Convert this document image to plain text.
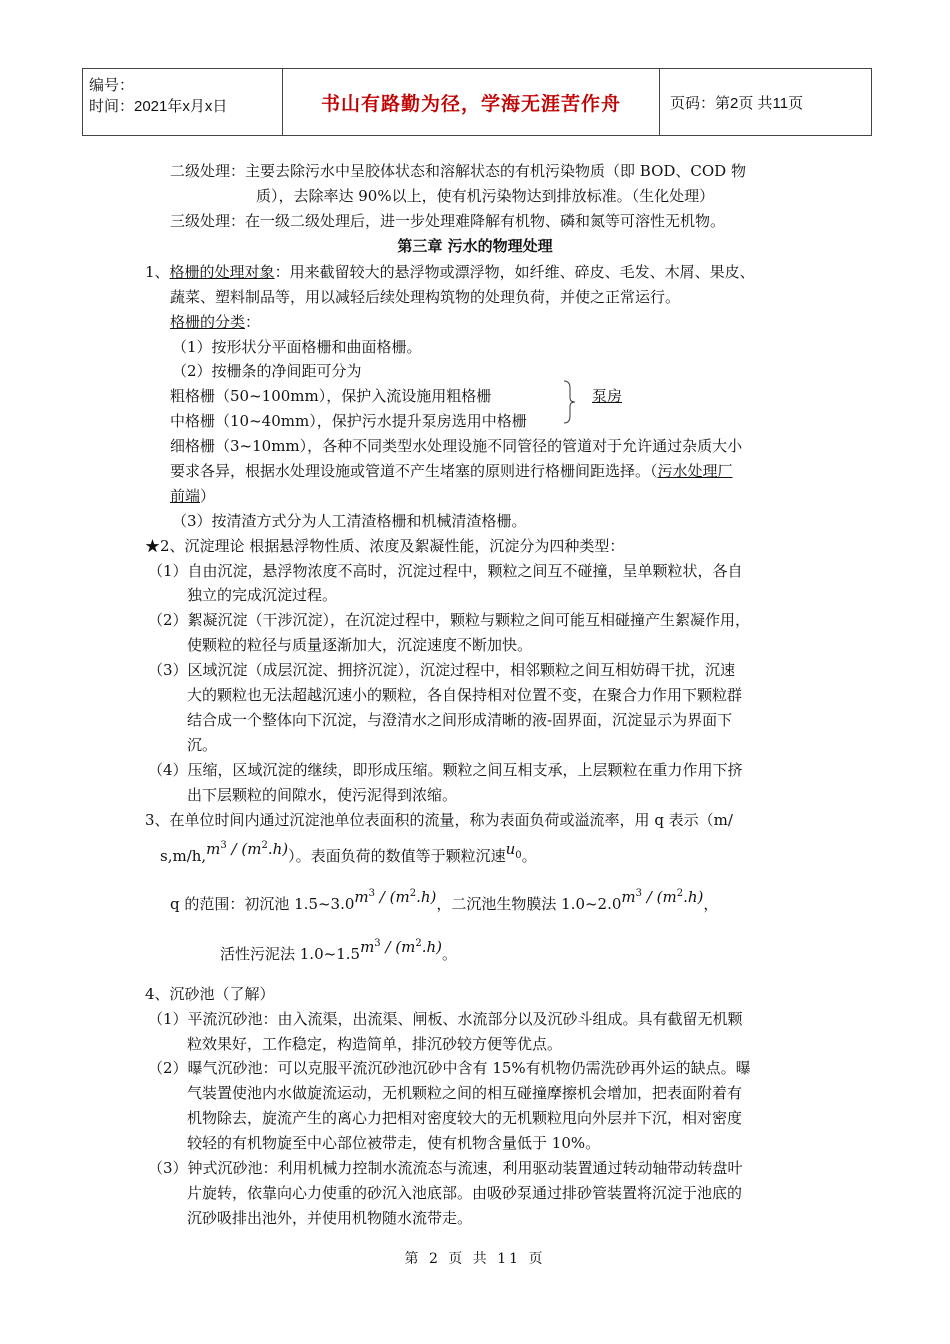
编号：
时间：2021年x月x日	书山有路勤为径，学海无涯苦作舟	页码：第2页 共11页
二级处理：主要去除污水中呈胶体状态和溶解状态的有机污染物质（即 BOD、COD 物
质），去除率达 90%以上，使有机污染物达到排放标准。（生化处理）
三级处理：在一级二级处理后，进一步处理难降解有机物、磷和氮等可溶性无机物。
第三章 污水的物理处理
1、格栅的处理对象：用来截留较大的悬浮物或漂浮物，如纤维、碎皮、毛发、木屑、果皮、
蔬菜、塑料制品等，用以减轻后续处理构筑物的处理负荷，并使之正常运行。
格栅的分类：
（1）按形状分平面格栅和曲面格栅。
（2）按栅条的净间距可分为
粗格栅（50~100mm），保护入流设施用粗格栅	泵房
中格栅（10~40mm），保护污水提升泵房选用中格栅
细格栅（3~10mm），各种不同类型水处理设施不同管径的管道对于允许通过杂质大小
要求各异，根据水处理设施或管道不产生堵塞的原则进行格栅间距选择。（污水处理厂
前端）
（3）按清渣方式分为人工清渣格栅和机械清渣格栅。
★2、沉淀理论 根据悬浮物性质、浓度及絮凝性能，沉淀分为四种类型：
（1）自由沉淀，悬浮物浓度不高时，沉淀过程中，颗粒之间互不碰撞，呈单颗粒状，各自
独立的完成沉淀过程。
（2）絮凝沉淀（干涉沉淀），在沉淀过程中，颗粒与颗粒之间可能互相碰撞产生絮凝作用，
使颗粒的粒径与质量逐渐加大，沉淀速度不断加快。
（3）区域沉淀（成层沉淀、拥挤沉淀），沉淀过程中，相邻颗粒之间互相妨碍干扰，沉速
大的颗粒也无法超越沉速小的颗粒，各自保持相对位置不变，在聚合力作用下颗粒群
结合成一个整体向下沉淀，与澄清水之间形成清晰的液-固界面，沉淀显示为界面下
沉。
（4）压缩，区域沉淀的继续，即形成压缩。颗粒之间互相支承，上层颗粒在重力作用下挤
出下层颗粒的间隙水，使污泥得到浓缩。
3、在单位时间内通过沉淀池单位表面积的流量，称为表面负荷或溢流率，用 q 表示（m/
$s,m/h,m^3 / (m^2.h)$）。表面负荷的数值等于颗粒沉速$u_0$。
q 的范围：初沉池 $1.5\sim 3.0m^3 / (m^2.h)$，二沉池生物膜法 $1.0\sim 2.0m^3 / (m^2.h)$，
活性污泥法 $1.0\sim 1.5m^3 / (m^2.h)$。
4、沉砂池（了解）
（1）平流沉砂池：由入流渠，出流渠、闸板、水流部分以及沉砂斗组成。具有截留无机颗
粒效果好，工作稳定，构造简单，排沉砂较方便等优点。
（2）曝气沉砂池：可以克服平流沉砂池沉砂中含有 15%有机物仍需洗砂再外运的缺点。曝
气装置使池内水做旋流运动，无机颗粒之间的相互碰撞摩擦机会增加，把表面附着有
机物除去，旋流产生的离心力把相对密度较大的无机颗粒甩向外层并下沉，相对密度
较轻的有机物旋至中心部位被带走，使有机物含量低于 10%。
（3）钟式沉砂池：利用机械力控制水流流态与流速，利用驱动装置通过转动轴带动转盘叶
片旋转，依靠向心力使重的砂沉入池底部。由吸砂泵通过排砂管装置将沉淀于池底的
沉砂吸排出池外，并使用机物随水流带走。
第 2 页 共 11 页
